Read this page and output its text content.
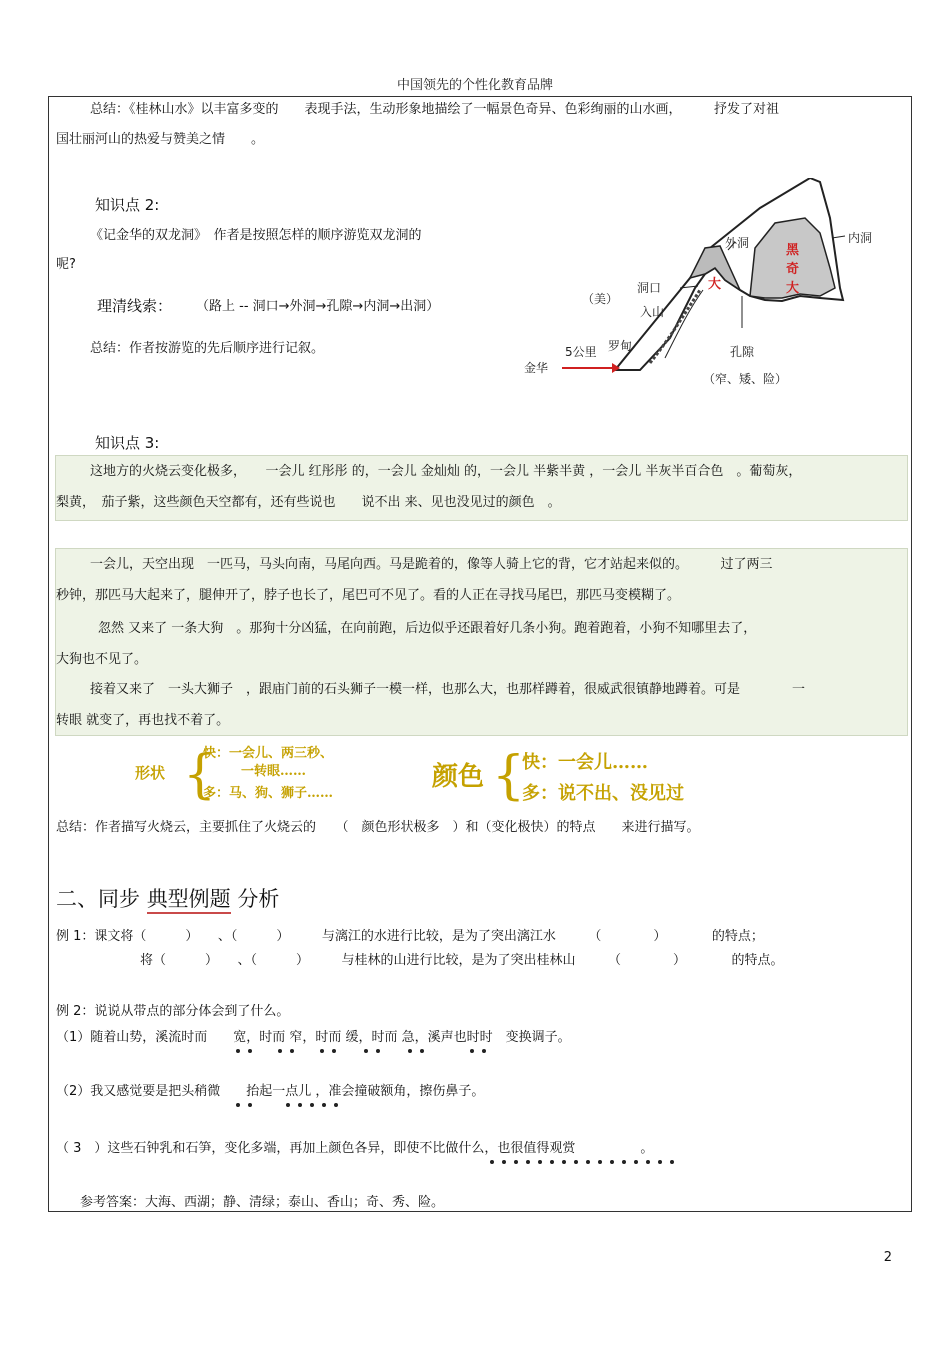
中国领先的个性化教育品牌
总结：《桂林山水》以丰富多变的　　表现手法，生动形象地描绘了一幅景色奇异、色彩绚丽的山水画，　　　抒发了对祖
国壮丽河山的热爱与赞美之情　　。
知识点 2:
《记金华的双龙洞》　作者是按照怎样的顺序游览双龙洞的
呢?
理清线索： （路上 -- 洞口→外洞→孔隙→内洞→出洞）
总结：作者按游览的先后顺序进行记叙。
内洞
外洞
洞口
入山
（美）
罗甸
5公里
金华
孔隙
（窄、矮、险）
大
黑
奇
大
知识点 3:
这地方的火烧云变化极多，　　一会儿 红彤彤 的，一会儿 金灿灿 的，一会儿 半紫半黄 ，一会儿 半灰半百合色　。葡萄灰，
梨黄，　茄子紫，这些颜色天空都有，还有些说也　　说不出 来、见也没见过的颜色　。
一会儿，天空出现　一匹马，马头向南，马尾向西。马是跪着的，像等人骑上它的背，它才站起来似的。　　　过了两三
秒钟，那匹马大起来了，腿伸开了，脖子也长了，尾巴可不见了。看的人正在寻找马尾巴，那匹马变模糊了。
忽然 又来了 一条大狗　。那狗十分凶猛，在向前跑，后边似乎还跟着好几条小狗。跑着跑着，小狗不知哪里去了，
大狗也不见了。
接着又来了　一头大狮子　，跟庙门前的石头狮子一模一样，也那么大，也那样蹲着，很威武很镇静地蹲着。可是　　　　一
转眼 就变了，再也找不着了。
形状 {
快：一会儿、两三秒、
一转眼……
多：马、狗、狮子……
颜色 {
快：一会儿……
多：说不出、没见过
总结：作者描写火烧云，主要抓住了火烧云的　　（　颜色形状极多　）和（变化极快）的特点　　来进行描写。
二、同步 典型例题 分析
例 1：课文将（　　　）　　、（　　　）　　　与漓江的水进行比较，是为了突出漓江水　　　（　　　　）　　　　的特点；
将（　　　）　　、（　　　）　　　与桂林的山进行比较，是为了突出桂林山　　　（　　　　）　　　　的特点。
例 2：说说从带点的部分体会到了什么。
（1）随着山势，溪流时而　　宽，时而 窄，时而 缓，时而 急，溪声也时时　变换调子。
（2）我又感觉要是把头稍微　　抬起一点儿 ，准会撞破额角，擦伤鼻子。
（ 3　）这些石钟乳和石笋，变化多端，再加上颜色各异，即使不比做什么，也很值得观赏　　　　　。
参考答案：大海、西湖；静、清绿；泰山、香山；奇、秀、险。
2
